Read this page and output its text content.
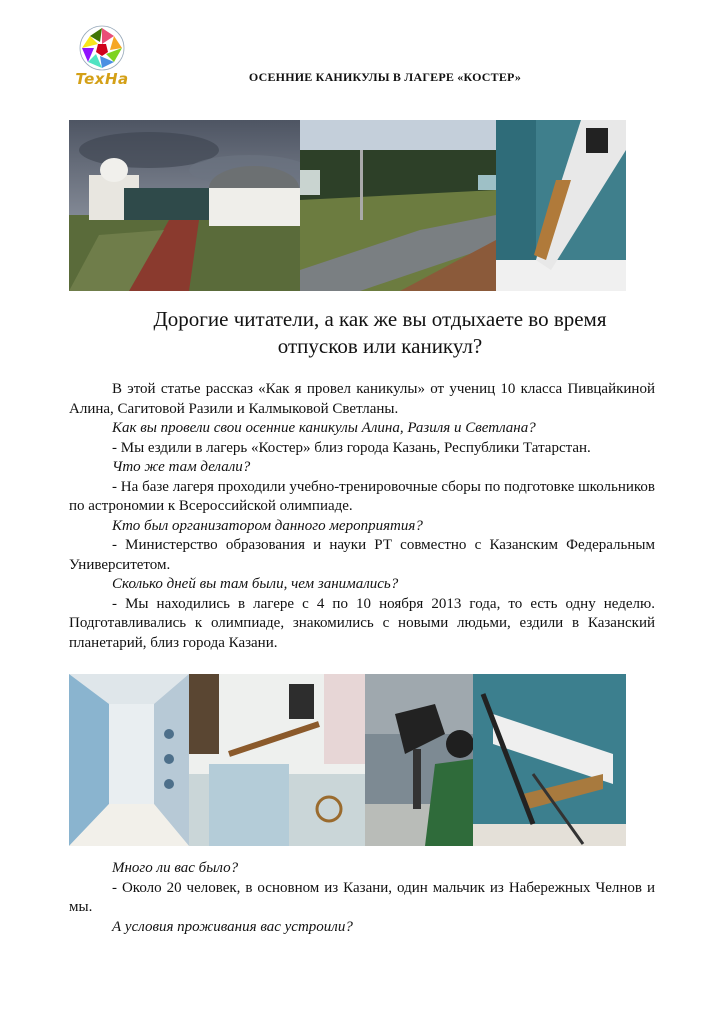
TexHa	ОСЕННИЕ КАНИКУЛЫ В ЛАГЕРЕ «КОСТЕР»
Дорогие читатели, а как же вы отдыхаете во время
отпусков или каникул?

В этой статье рассказ «Как я провел каникулы» от учениц 10 класса Пивцайкиной Алина, Сагитовой Разили и Калмыковой Светланы.

Как вы провели свои осенние каникулы Алина, Разиля и Светлана?

- Мы ездили в лагерь «Костер» близ города Казань, Республики Татарстан.

Что же там делали?

- На базе лагеря проходили учебно-тренировочные сборы по подготовке школьников по астрономии к Всероссийской олимпиаде.

Кто был организатором данного мероприятия?

- Министерство образования и науки РТ совместно с Казанским Федеральным Университетом.

Сколько дней вы там были, чем занимались?

- Мы находились в лагере с 4 по 10 ноября 2013 года, то есть одну неделю. Подготавливались к олимпиаде, знакомились с новыми людьми, ездили в Казанский планетарий, близ города Казани.

Много ли вас было?

- Около 20 человек, в основном из Казани, один мальчик из Набережных Челнов и мы.

А условия проживания вас устроили?
